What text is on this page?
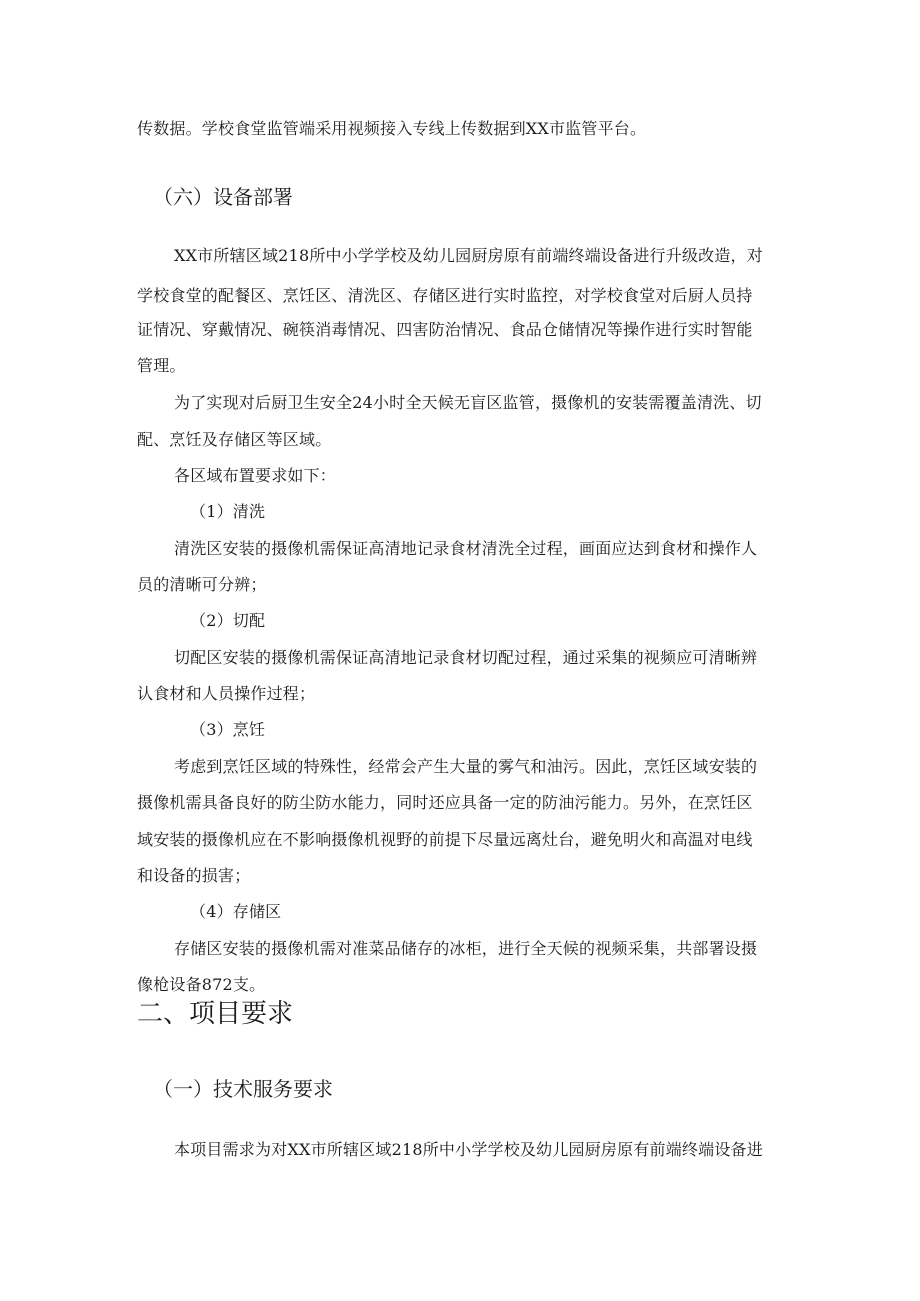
传数据。学校食堂监管端采用视频接入专线上传数据到XX市监管平台。
（六）设备部署
XX市所辖区域218所中小学学校及幼儿园厨房原有前端终端设备进行升级改造，对
学校食堂的配餐区、烹饪区、清洗区、存储区进行实时监控，对学校食堂对后厨人员持
证情况、穿戴情况、碗筷消毒情况、四害防治情况、食品仓储情况等操作进行实时智能
管理。
为了实现对后厨卫生安全24小时全天候无盲区监管，摄像机的安装需覆盖清洗、切
配、烹饪及存储区等区域。
各区域布置要求如下：
（1）清洗
清洗区安装的摄像机需保证高清地记录食材清洗全过程，画面应达到食材和操作人
员的清晰可分辨；
（2）切配
切配区安装的摄像机需保证高清地记录食材切配过程，通过采集的视频应可清晰辨
认食材和人员操作过程；
（3）烹饪
考虑到烹饪区域的特殊性，经常会产生大量的雾气和油污。因此，烹饪区域安装的
摄像机需具备良好的防尘防水能力，同时还应具备一定的防油污能力。另外，在烹饪区
域安装的摄像机应在不影响摄像机视野的前提下尽量远离灶台，避免明火和高温对电线
和设备的损害；
（4）存储区
存储区安装的摄像机需对准菜品储存的冰柜，进行全天候的视频采集，共部署设摄
像枪设备872支。
二、项目要求
（一）技术服务要求
本项目需求为对XX市所辖区域218所中小学学校及幼儿园厨房原有前端终端设备进
